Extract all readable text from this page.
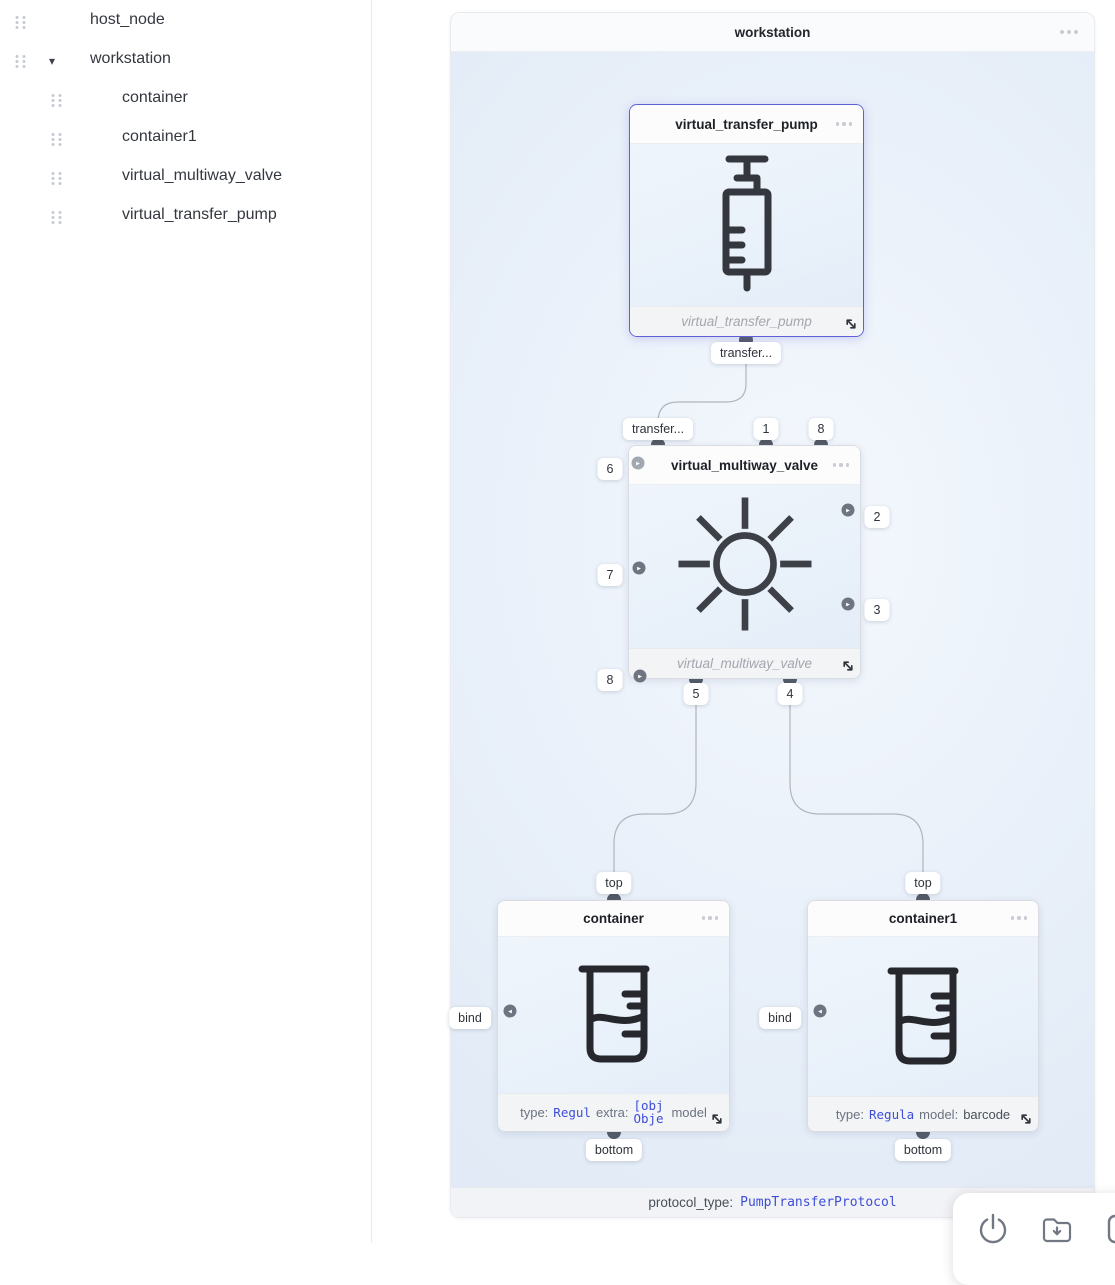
host_node
▾ workstation
container
container1
virtual_multiway_valve
virtual_transfer_pump
workstation
virtual_transfer_pump
virtual_transfer_pump
virtual_multiway_valve
virtual_multiway_valve
container
type: Regul extra: [obj Obje model
container1
type: Regula model: barcode
▸
▸
▸
▸
▸
◂	◂
transfer...
transfer...	1	8
6
7
2
3
8
5	4
top	top
bind	bind
bottom	bottom
protocol_type: PumpTransferProtocol
